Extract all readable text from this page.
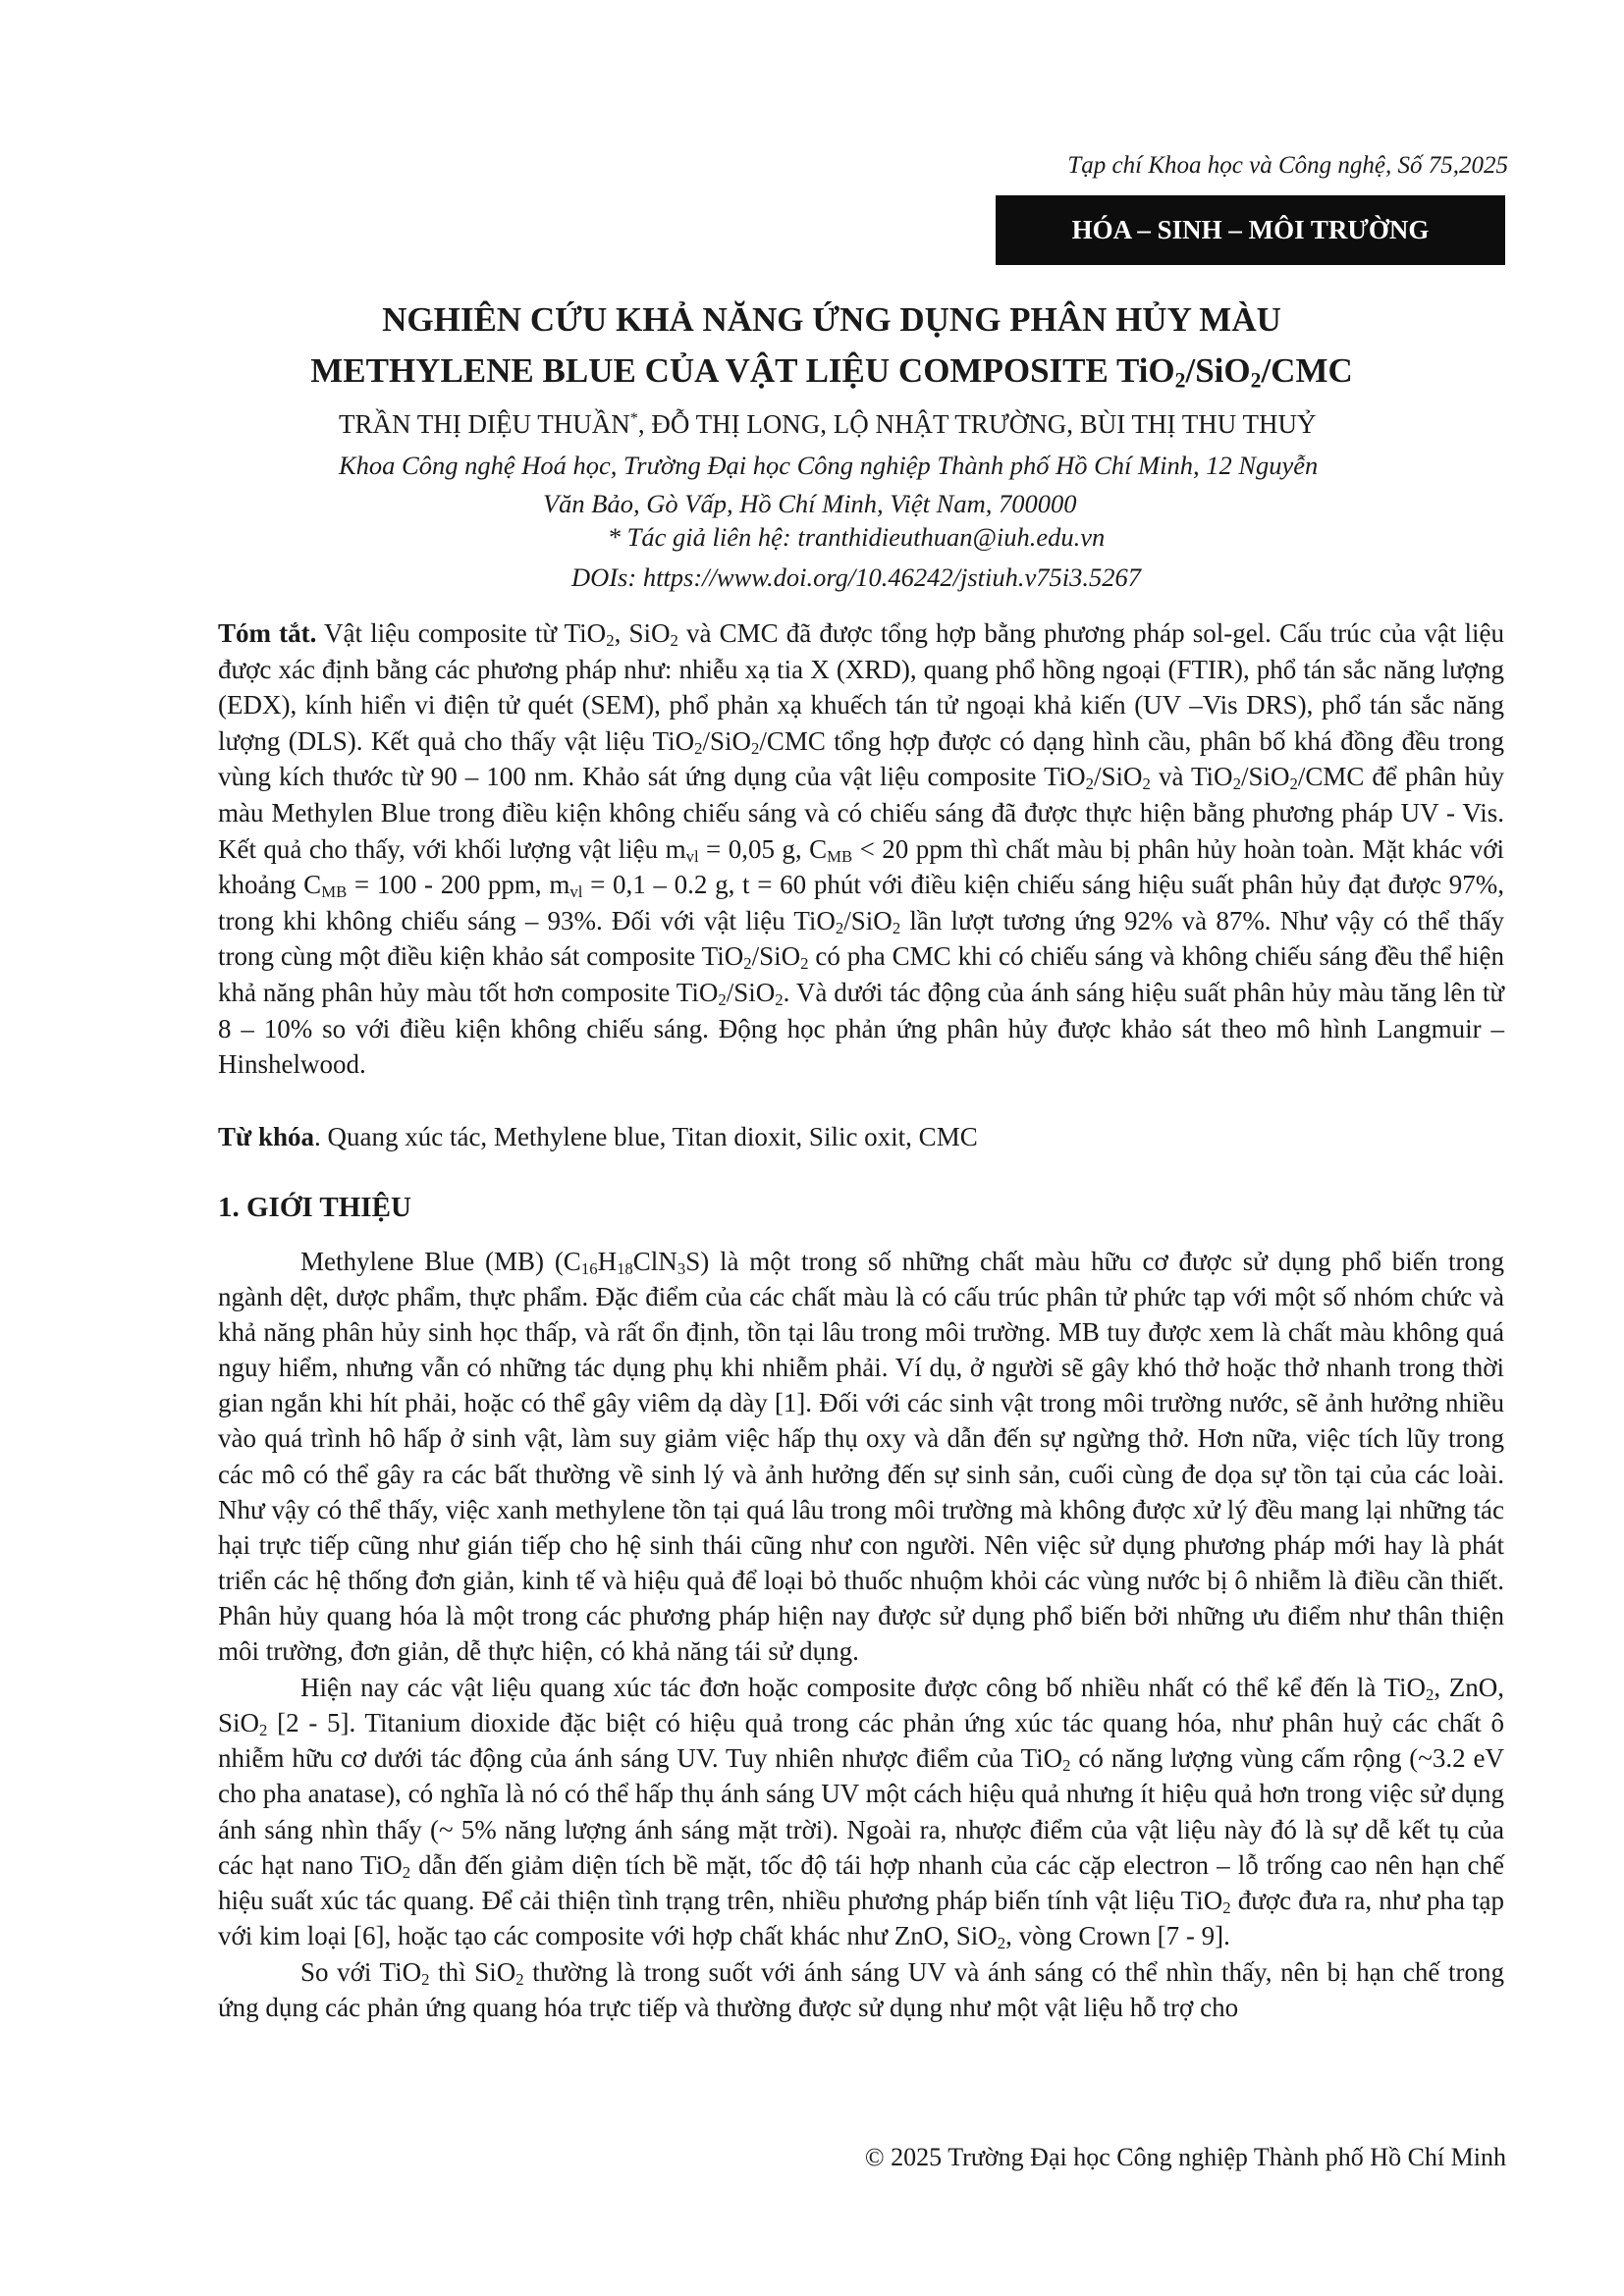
Tạp chí Khoa học và Công nghệ, Số 75,2025
HÓA – SINH – MÔI TRƯỜNG
NGHIÊN CỨU KHẢ NĂNG ỨNG DỤNG PHÂN HỦY MÀU
METHYLENE BLUE CỦA VẬT LIỆU COMPOSITE TiO$_2$/SiO$_2$/CMC
TRẦN THỊ DIỆU THUẦN*, ĐỖ THỊ LONG, LỘ NHẬT TRƯỜNG, BÙI THỊ THU THUỶ
Khoa Công nghệ Hoá học, Trường Đại học Công nghiệp Thành phố Hồ Chí Minh, 12 Nguyễn
Văn Bảo, Gò Vấp, Hồ Chí Minh, Việt Nam, 700000
* Tác giả liên hệ: tranthidieuthuan@iuh.edu.vn
DOIs: https://www.doi.org/10.46242/jstiuh.v75i3.5267
Tóm tắt. Vật liệu composite từ TiO$_2$, SiO$_2$ và CMC đã được tổng hợp bằng phương pháp sol-gel. Cấu trúc của vật liệu được xác định bằng các phương pháp như: nhiễu xạ tia X (XRD), quang phổ hồng ngoại (FTIR), phổ tán sắc năng lượng (EDX), kính hiển vi điện tử quét (SEM), phổ phản xạ khuếch tán tử ngoại khả kiến (UV –Vis DRS), phổ tán sắc năng lượng (DLS). Kết quả cho thấy vật liệu TiO$_2$/SiO$_2$/CMC tổng hợp được có dạng hình cầu, phân bố khá đồng đều trong vùng kích thước từ 90 – 100 nm. Khảo sát ứng dụng của vật liệu composite TiO$_2$/SiO$_2$ và TiO$_2$/SiO$_2$/CMC để phân hủy màu Methylen Blue trong điều kiện không chiếu sáng và có chiếu sáng đã được thực hiện bằng phương pháp UV - Vis. Kết quả cho thấy, với khối lượng vật liệu $m_{vl} = 0,05$ g, $C_{MB} < 20$ ppm thì chất màu bị phân hủy hoàn toàn. Mặt khác với khoảng $C_{MB} = 100 - 200$ ppm, $m_{vl} = 0,1 - 0.2$ g, t = 60 phút với điều kiện chiếu sáng hiệu suất phân hủy đạt được 97%, trong khi không chiếu sáng – 93%. Đối với vật liệu TiO$_2$/SiO$_2$ lần lượt tương ứng 92% và 87%. Như vậy có thể thấy trong cùng một điều kiện khảo sát composite TiO$_2$/SiO$_2$ có pha CMC khi có chiếu sáng và không chiếu sáng đều thể hiện khả năng phân hủy màu tốt hơn composite TiO$_2$/SiO$_2$. Và dưới tác động của ánh sáng hiệu suất phân hủy màu tăng lên từ 8 – 10% so với điều kiện không chiếu sáng. Động học phản ứng phân hủy được khảo sát theo mô hình Langmuir – Hinshelwood.
Từ khóa. Quang xúc tác, Methylene blue, Titan dioxit, Silic oxit, CMC
1. GIỚI THIỆU

Methylene Blue (MB) $(C_{16}H_{18}ClN_3S)$ là một trong số những chất màu hữu cơ được sử dụng phổ biến trong ngành dệt, dược phẩm, thực phẩm. Đặc điểm của các chất màu là có cấu trúc phân tử phức tạp với một số nhóm chức và khả năng phân hủy sinh học thấp, và rất ổn định, tồn tại lâu trong môi trường. MB tuy được xem là chất màu không quá nguy hiểm, nhưng vẫn có những tác dụng phụ khi nhiễm phải. Ví dụ, ở người sẽ gây khó thở hoặc thở nhanh trong thời gian ngắn khi hít phải, hoặc có thể gây viêm dạ dày [1]. Đối với các sinh vật trong môi trường nước, sẽ ảnh hưởng nhiều vào quá trình hô hấp ở sinh vật, làm suy giảm việc hấp thụ oxy và dẫn đến sự ngừng thở. Hơn nữa, việc tích lũy trong các mô có thể gây ra các bất thường về sinh lý và ảnh hưởng đến sự sinh sản, cuối cùng đe dọa sự tồn tại của các loài. Như vậy có thể thấy, việc xanh methylene tồn tại quá lâu trong môi trường mà không được xử lý đều mang lại những tác hại trực tiếp cũng như gián tiếp cho hệ sinh thái cũng như con người. Nên việc sử dụng phương pháp mới hay là phát triển các hệ thống đơn giản, kinh tế và hiệu quả để loại bỏ thuốc nhuộm khỏi các vùng nước bị ô nhiễm là điều cần thiết. Phân hủy quang hóa là một trong các phương pháp hiện nay được sử dụng phổ biến bởi những ưu điểm như thân thiện môi trường, đơn giản, dễ thực hiện, có khả năng tái sử dụng.

Hiện nay các vật liệu quang xúc tác đơn hoặc composite được công bố nhiều nhất có thể kể đến là TiO$_2$, ZnO, SiO$_2$ [2 - 5]. Titanium dioxide đặc biệt có hiệu quả trong các phản ứng xúc tác quang hóa, như phân huỷ các chất ô nhiễm hữu cơ dưới tác động của ánh sáng UV. Tuy nhiên nhược điểm của TiO$_2$ có năng lượng vùng cấm rộng (~3.2 eV cho pha anatase), có nghĩa là nó có thể hấp thụ ánh sáng UV một cách hiệu quả nhưng ít hiệu quả hơn trong việc sử dụng ánh sáng nhìn thấy (~ 5% năng lượng ánh sáng mặt trời). Ngoài ra, nhược điểm của vật liệu này đó là sự dễ kết tụ của các hạt nano TiO$_2$ dẫn đến giảm diện tích bề mặt, tốc độ tái hợp nhanh của các cặp electron – lỗ trống cao nên hạn chế hiệu suất xúc tác quang. Để cải thiện tình trạng trên, nhiều phương pháp biến tính vật liệu TiO$_2$ được đưa ra, như pha tạp với kim loại [6], hoặc tạo các composite với hợp chất khác như ZnO, SiO$_2$, vòng Crown [7 - 9].

So với TiO$_2$ thì SiO$_2$ thường là trong suốt với ánh sáng UV và ánh sáng có thể nhìn thấy, nên bị hạn chế trong ứng dụng các phản ứng quang hóa trực tiếp và thường được sử dụng như một vật liệu hỗ trợ cho

© 2025 Trường Đại học Công nghiệp Thành phố Hồ Chí Minh
